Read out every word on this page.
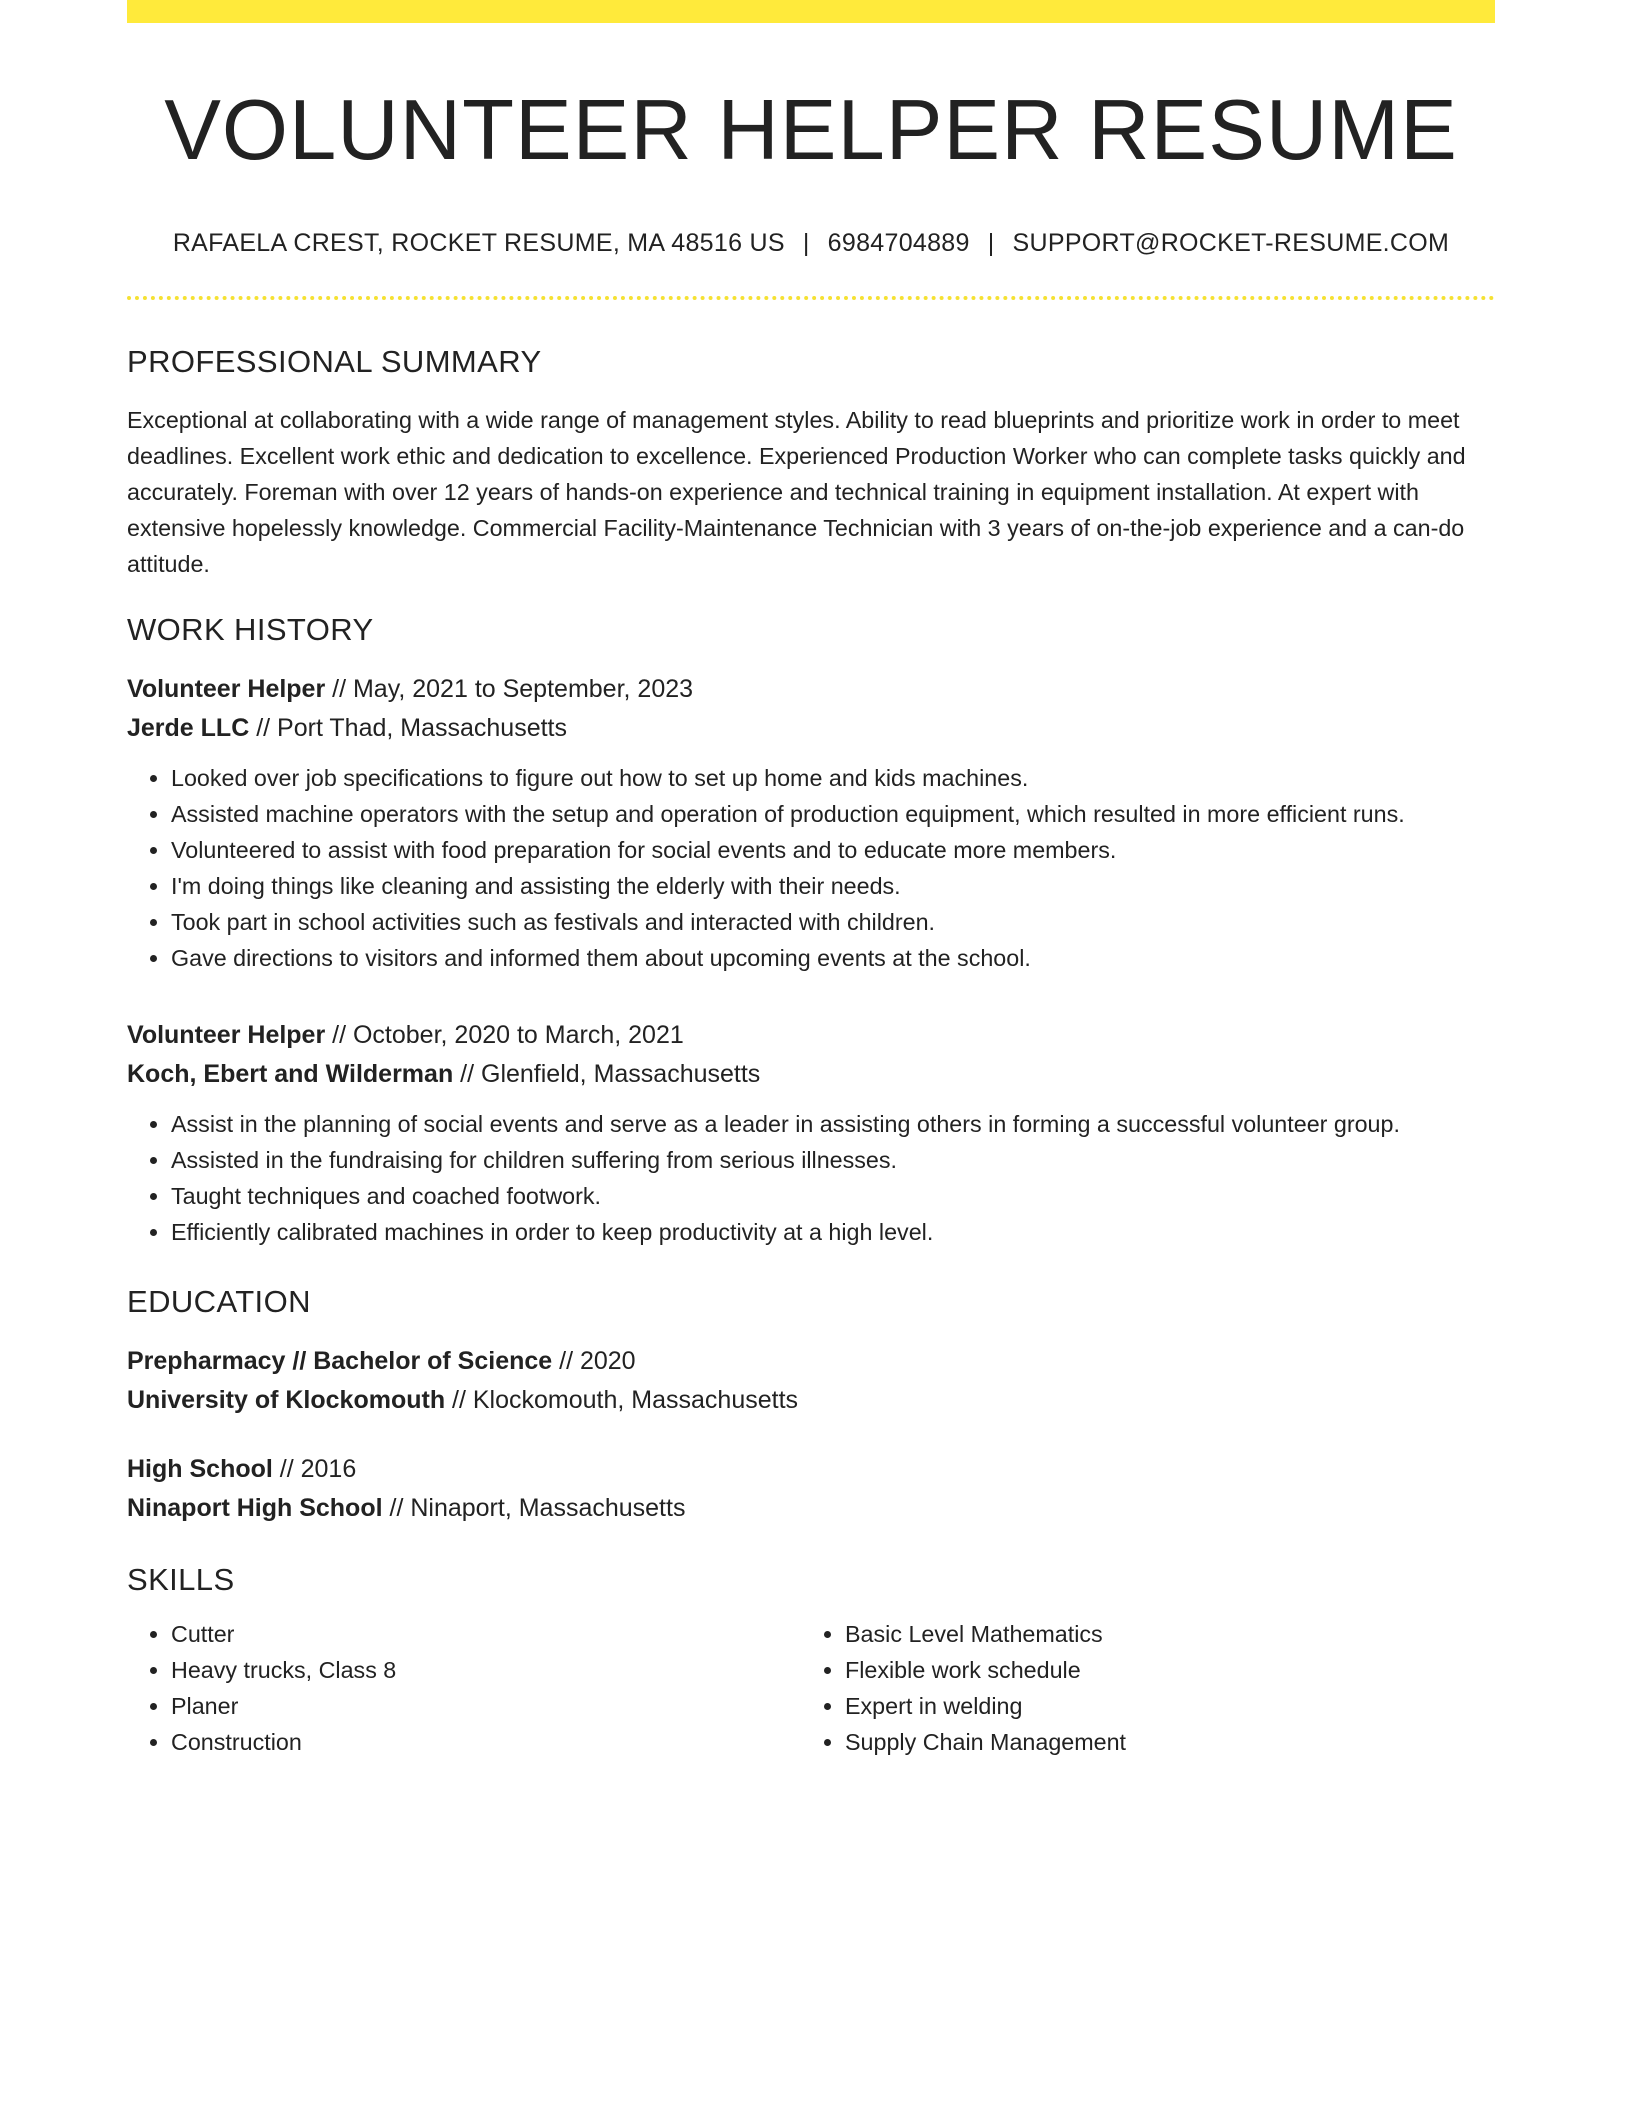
VOLUNTEER HELPER RESUME
RAFAELA CREST, ROCKET RESUME, MA 48516 US | 6984704889 | SUPPORT@ROCKET-RESUME.COM
PROFESSIONAL SUMMARY
Exceptional at collaborating with a wide range of management styles. Ability to read blueprints and prioritize work in order to meet deadlines. Excellent work ethic and dedication to excellence. Experienced Production Worker who can complete tasks quickly and accurately. Foreman with over 12 years of hands-on experience and technical training in equipment installation. At expert with extensive hopelessly knowledge. Commercial Facility-Maintenance Technician with 3 years of on-the-job experience and a can-do attitude.
WORK HISTORY
Volunteer Helper // May, 2021 to September, 2023
Jerde LLC // Port Thad, Massachusetts
• Looked over job specifications to figure out how to set up home and kids machines.
• Assisted machine operators with the setup and operation of production equipment, which resulted in more efficient runs.
• Volunteered to assist with food preparation for social events and to educate more members.
• I'm doing things like cleaning and assisting the elderly with their needs.
• Took part in school activities such as festivals and interacted with children.
• Gave directions to visitors and informed them about upcoming events at the school.
Volunteer Helper // October, 2020 to March, 2021
Koch, Ebert and Wilderman // Glenfield, Massachusetts
• Assist in the planning of social events and serve as a leader in assisting others in forming a successful volunteer group.
• Assisted in the fundraising for children suffering from serious illnesses.
• Taught techniques and coached footwork.
• Efficiently calibrated machines in order to keep productivity at a high level.
EDUCATION
Prepharmacy // Bachelor of Science // 2020
University of Klockomouth // Klockomouth, Massachusetts
High School // 2016
Ninaport High School // Ninaport, Massachusetts
SKILLS
• Cutter
• Heavy trucks, Class 8
• Planer
• Construction
• Basic Level Mathematics
• Flexible work schedule
• Expert in welding
• Supply Chain Management
